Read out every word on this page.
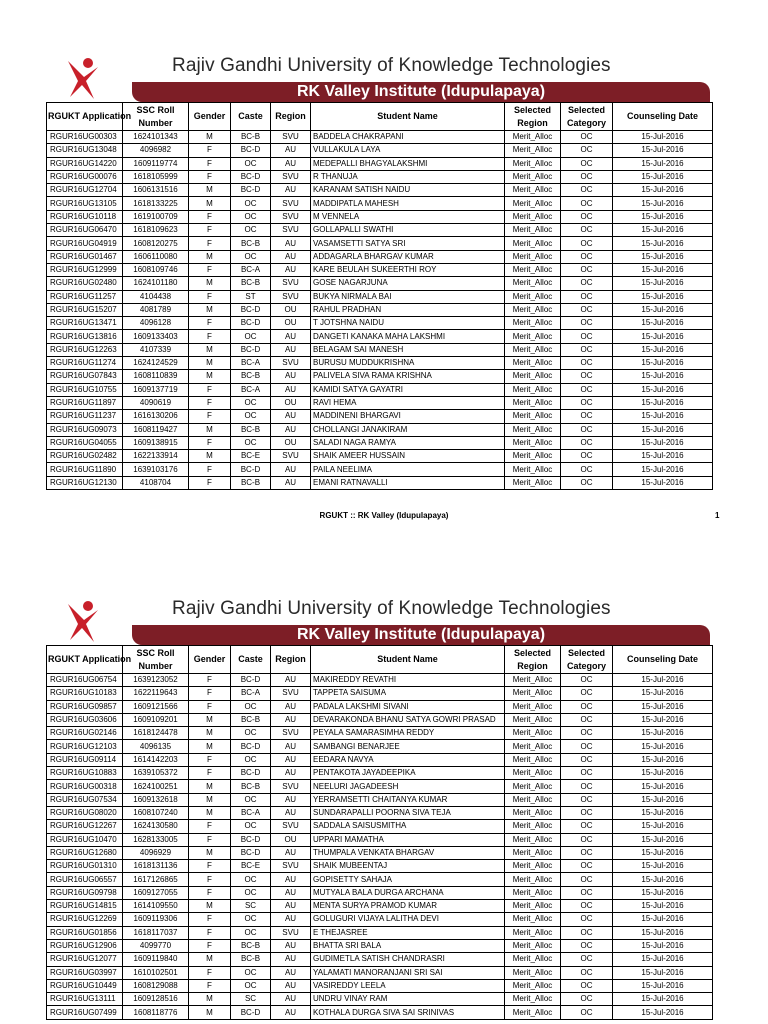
Rajiv Gandhi University of Knowledge Technologies
RK Valley Institute (Idupulapaya)
RGUKT Application	SSC Roll Number	Gender	Caste	Region	Student Name	Selected Region	Selected Category	Counseling Date
RGUR16UG00303	1624101343	M	BC-B	SVU	BADDELA CHAKRAPANI	Merit_Alloc	OC	15-Jul-2016
RGUR16UG13048	4096982	F	BC-D	AU	VULLAKULA LAYA	Merit_Alloc	OC	15-Jul-2016
RGUR16UG14220	1609119774	F	OC	AU	MEDEPALLI BHAGYALAKSHMI	Merit_Alloc	OC	15-Jul-2016
RGUR16UG00076	1618105999	F	BC-D	SVU	R THANUJA	Merit_Alloc	OC	15-Jul-2016
RGUR16UG12704	1606131516	M	BC-D	AU	KARANAM SATISH NAIDU	Merit_Alloc	OC	15-Jul-2016
RGUR16UG13105	1618133225	M	OC	SVU	MADDIPATLA MAHESH	Merit_Alloc	OC	15-Jul-2016
RGUR16UG10118	1619100709	F	OC	SVU	M VENNELA	Merit_Alloc	OC	15-Jul-2016
RGUR16UG06470	1618109623	F	OC	SVU	GOLLAPALLI SWATHI	Merit_Alloc	OC	15-Jul-2016
RGUR16UG04919	1608120275	F	BC-B	AU	VASAMSETTI SATYA SRI	Merit_Alloc	OC	15-Jul-2016
RGUR16UG01467	1606110080	M	OC	AU	ADDAGARLA BHARGAV KUMAR	Merit_Alloc	OC	15-Jul-2016
RGUR16UG12999	1608109746	F	BC-A	AU	KARE BEULAH SUKEERTHI ROY	Merit_Alloc	OC	15-Jul-2016
RGUR16UG02480	1624101180	M	BC-B	SVU	GOSE NAGARJUNA	Merit_Alloc	OC	15-Jul-2016
RGUR16UG11257	4104438	F	ST	SVU	BUKYA NIRMALA BAI	Merit_Alloc	OC	15-Jul-2016
RGUR16UG15207	4081789	M	BC-D	OU	RAHUL PRADHAN	Merit_Alloc	OC	15-Jul-2016
RGUR16UG13471	4096128	F	BC-D	OU	T JOTSHNA NAIDU	Merit_Alloc	OC	15-Jul-2016
RGUR16UG13816	1609133403	F	OC	AU	DANGETI KANAKA MAHA LAKSHMI	Merit_Alloc	OC	15-Jul-2016
RGUR16UG12263	4107339	M	BC-D	AU	BELAGAM SAI MANESH	Merit_Alloc	OC	15-Jul-2016
RGUR16UG11274	1624124529	M	BC-A	SVU	BURUSU MUDDUKRISHNA	Merit_Alloc	OC	15-Jul-2016
RGUR16UG07843	1608110839	M	BC-B	AU	PALIVELA SIVA RAMA KRISHNA	Merit_Alloc	OC	15-Jul-2016
RGUR16UG10755	1609137719	F	BC-A	AU	KAMIDI SATYA GAYATRI	Merit_Alloc	OC	15-Jul-2016
RGUR16UG11897	4090619	F	OC	OU	RAVI HEMA	Merit_Alloc	OC	15-Jul-2016
RGUR16UG11237	1616130206	F	OC	AU	MADDINENI BHARGAVI	Merit_Alloc	OC	15-Jul-2016
RGUR16UG09073	1608119427	M	BC-B	AU	CHOLLANGI JANAKIRAM	Merit_Alloc	OC	15-Jul-2016
RGUR16UG04055	1609138915	F	OC	OU	SALADI NAGA RAMYA	Merit_Alloc	OC	15-Jul-2016
RGUR16UG02482	1622133914	M	BC-E	SVU	SHAIK AMEER HUSSAIN	Merit_Alloc	OC	15-Jul-2016
RGUR16UG11890	1639103176	F	BC-D	AU	PAILA NEELIMA	Merit_Alloc	OC	15-Jul-2016
RGUR16UG12130	4108704	F	BC-B	AU	EMANI RATNAVALLI	Merit_Alloc	OC	15-Jul-2016
RGUKT :: RK Valley (Idupulapaya)	1
Rajiv Gandhi University of Knowledge Technologies
RK Valley Institute (Idupulapaya)
RGUKT Application	SSC Roll Number	Gender	Caste	Region	Student Name	Selected Region	Selected Category	Counseling Date
RGUR16UG06754	1639123052	F	BC-D	AU	MAKIREDDY REVATHI	Merit_Alloc	OC	15-Jul-2016
RGUR16UG10183	1622119643	F	BC-A	SVU	TAPPETA SAISUMA	Merit_Alloc	OC	15-Jul-2016
RGUR16UG09857	1609121566	F	OC	AU	PADALA LAKSHMI SIVANI	Merit_Alloc	OC	15-Jul-2016
RGUR16UG03606	1609109201	M	BC-B	AU	DEVARAKONDA BHANU SATYA GOWRI PRASAD	Merit_Alloc	OC	15-Jul-2016
RGUR16UG02146	1618124478	M	OC	SVU	PEYALA SAMARASIMHA REDDY	Merit_Alloc	OC	15-Jul-2016
RGUR16UG12103	4096135	M	BC-D	AU	SAMBANGI BENARJEE	Merit_Alloc	OC	15-Jul-2016
RGUR16UG09114	1614142203	F	OC	AU	EEDARA NAVYA	Merit_Alloc	OC	15-Jul-2016
RGUR16UG10883	1639105372	F	BC-D	AU	PENTAKOTA JAYADEEPIKA	Merit_Alloc	OC	15-Jul-2016
RGUR16UG00318	1624100251	M	BC-B	SVU	NEELURI JAGADEESH	Merit_Alloc	OC	15-Jul-2016
RGUR16UG07534	1609132618	M	OC	AU	YERRAMSETTI CHAITANYA KUMAR	Merit_Alloc	OC	15-Jul-2016
RGUR16UG08020	1608107240	M	BC-A	AU	SUNDARAPALLI POORNA SIVA TEJA	Merit_Alloc	OC	15-Jul-2016
RGUR16UG12267	1624130580	F	OC	SVU	SADDALA SAISUSMITHA	Merit_Alloc	OC	15-Jul-2016
RGUR16UG10470	1628133005	F	BC-D	OU	UPPARI MAMATHA	Merit_Alloc	OC	15-Jul-2016
RGUR16UG12680	4096929	M	BC-D	AU	THUMPALA VENKATA BHARGAV	Merit_Alloc	OC	15-Jul-2016
RGUR16UG01310	1618131136	F	BC-E	SVU	SHAIK MUBEENTAJ	Merit_Alloc	OC	15-Jul-2016
RGUR16UG06557	1617126865	F	OC	AU	GOPISETTY SAHAJA	Merit_Alloc	OC	15-Jul-2016
RGUR16UG09798	1609127055	F	OC	AU	MUTYALA BALA DURGA ARCHANA	Merit_Alloc	OC	15-Jul-2016
RGUR16UG14815	1614109550	M	SC	AU	MENTA SURYA PRAMOD KUMAR	Merit_Alloc	OC	15-Jul-2016
RGUR16UG12269	1609119306	F	OC	AU	GOLUGURI VIJAYA LALITHA DEVI	Merit_Alloc	OC	15-Jul-2016
RGUR16UG01856	1618117037	F	OC	SVU	E THEJASREE	Merit_Alloc	OC	15-Jul-2016
RGUR16UG12906	4099770	F	BC-B	AU	BHATTA SRI BALA	Merit_Alloc	OC	15-Jul-2016
RGUR16UG12077	1609119840	M	BC-B	AU	GUDIMETLA SATISH CHANDRASRI	Merit_Alloc	OC	15-Jul-2016
RGUR16UG03997	1610102501	F	OC	AU	YALAMATI MANORANJANI SRI SAI	Merit_Alloc	OC	15-Jul-2016
RGUR16UG10449	1608129088	F	OC	AU	VASIREDDY LEELA	Merit_Alloc	OC	15-Jul-2016
RGUR16UG13111	1609128516	M	SC	AU	UNDRU VINAY RAM	Merit_Alloc	OC	15-Jul-2016
RGUR16UG07499	1608118776	M	BC-D	AU	KOTHALA DURGA SIVA SAI SRINIVAS	Merit_Alloc	OC	15-Jul-2016
